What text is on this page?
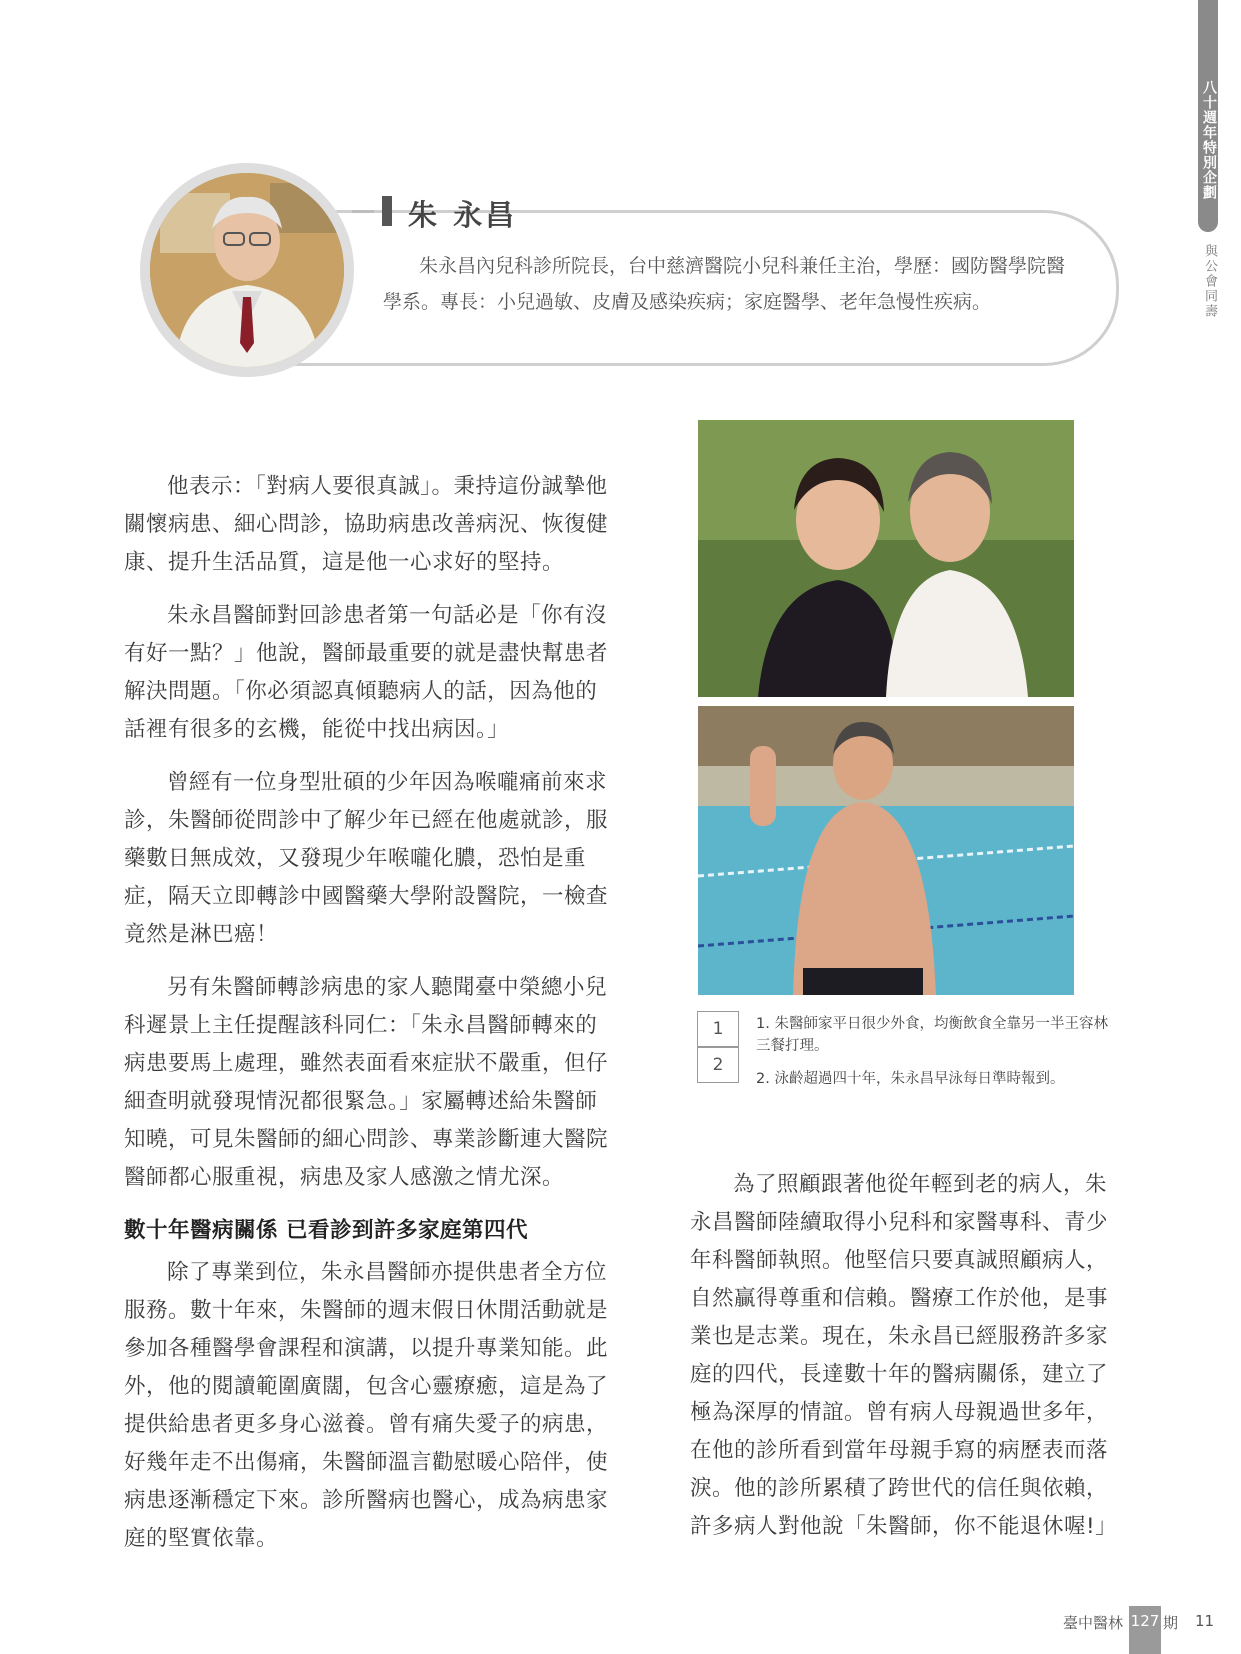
八十週年特別企劃
與公會同壽
朱 永昌
朱永昌內兒科診所院長，台中慈濟醫院小兒科兼任主治，學歷：國防醫學院醫學系。專長：小兒過敏、皮膚及感染疾病；家庭醫學、老年急慢性疾病。

他表示：「對病人要很真誠」。秉持這份誠摯他關懷病患、細心問診，協助病患改善病況、恢復健康、提升生活品質，這是他一心求好的堅持。

朱永昌醫師對回診患者第一句話必是「你有沒有好一點？」他說，醫師最重要的就是盡快幫患者解決問題。「你必須認真傾聽病人的話，因為他的話裡有很多的玄機，能從中找出病因。」

曾經有一位身型壯碩的少年因為喉嚨痛前來求診，朱醫師從問診中了解少年已經在他處就診，服藥數日無成效，又發現少年喉嚨化膿，恐怕是重症，隔天立即轉診中國醫藥大學附設醫院，一檢查竟然是淋巴癌！

另有朱醫師轉診病患的家人聽聞臺中榮總小兒科遲景上主任提醒該科同仁：「朱永昌醫師轉來的病患要馬上處理，雖然表面看來症狀不嚴重，但仔細查明就發現情況都很緊急。」家屬轉述給朱醫師知曉，可見朱醫師的細心問診、專業診斷連大醫院醫師都心服重視，病患及家人感激之情尤深。

數十年醫病關係 已看診到許多家庭第四代

除了專業到位，朱永昌醫師亦提供患者全方位服務。數十年來，朱醫師的週末假日休閒活動就是參加各種醫學會課程和演講，以提升專業知能。此外，他的閱讀範圍廣闊，包含心靈療癒，這是為了提供給患者更多身心滋養。曾有痛失愛子的病患，好幾年走不出傷痛，朱醫師溫言勸慰暖心陪伴，使病患逐漸穩定下來。診所醫病也醫心，成為病患家庭的堅實依靠。

1
2
1. 朱醫師家平日很少外食，均衡飲食全靠另一半王容林三餐打理。
2. 泳齡超過四十年，朱永昌早泳每日準時報到。

為了照顧跟著他從年輕到老的病人，朱永昌醫師陸續取得小兒科和家醫專科、青少年科醫師執照。他堅信只要真誠照顧病人，自然贏得尊重和信賴。醫療工作於他，是事業也是志業。現在，朱永昌已經服務許多家庭的四代，長達數十年的醫病關係，建立了極為深厚的情誼。曾有病人母親過世多年，在他的診所看到當年母親手寫的病歷表而落淚。他的診所累積了跨世代的信任與依賴，許多病人對他說「朱醫師，你不能退休喔!」

臺中醫林 127 期 11
